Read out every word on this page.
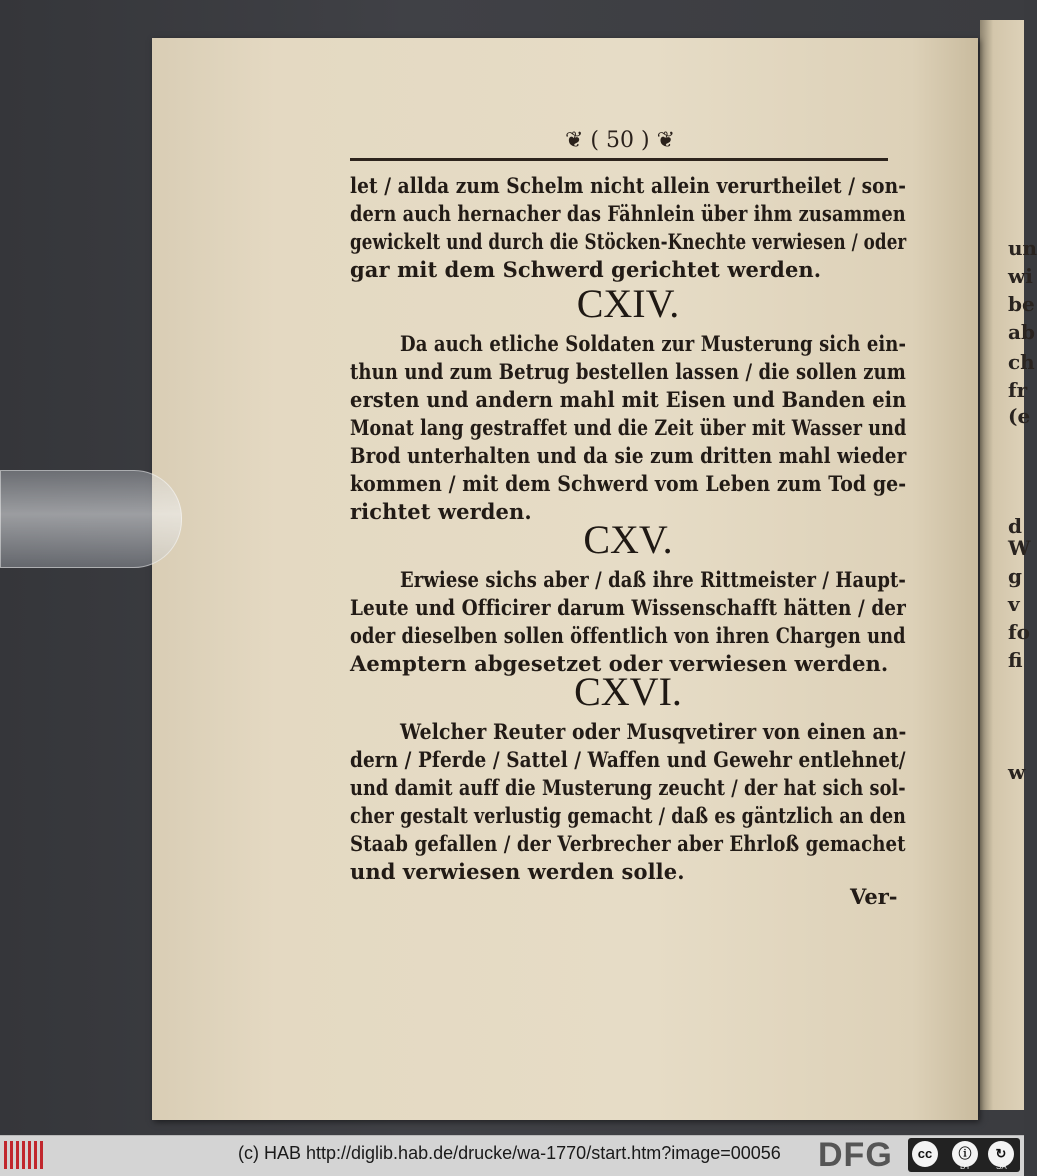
un
wi
be
ab
ch
fr
(e
d
W
g
v
fo
fi
w
❦ ( 50 ) ❦
let / allda zum Schelm nicht allein verurtheilet / son-
dern auch hernacher das Fähnlein über ihm zusammen
gewickelt und durch die Stöcken-Knechte verwiesen / oder
gar mit dem Schwerd gerichtet werden.
CXIV.
Da auch etliche Soldaten zur Musterung sich ein-
thun und zum Betrug bestellen lassen / die sollen zum
ersten und andern mahl mit Eisen und Banden ein
Monat lang gestraffet und die Zeit über mit Wasser und
Brod unterhalten und da sie zum dritten mahl wieder
kommen / mit dem Schwerd vom Leben zum Tod ge-
richtet werden.
CXV.
Erwiese sichs aber / daß ihre Rittmeister / Haupt-
Leute und Officirer darum Wissenschafft hätten / der
oder dieselben sollen öffentlich von ihren Chargen und
Aemptern abgesetzet oder verwiesen werden.
CXVI.
Welcher Reuter oder Musqvetirer von einen an-
dern / Pferde / Sattel / Waffen und Gewehr entlehnet/
und damit auff die Musterung zeucht / der hat sich sol-
cher gestalt verlustig gemacht / daß es gäntzlich an den
Staab gefallen / der Verbrecher aber Ehrloß gemachet
und verwiesen werden solle.
Ver-
(c) HAB http://diglib.hab.de/drucke/wa-1770/start.htm?image=00056 DFG	cc	ⓘ	↻
BY	SA
